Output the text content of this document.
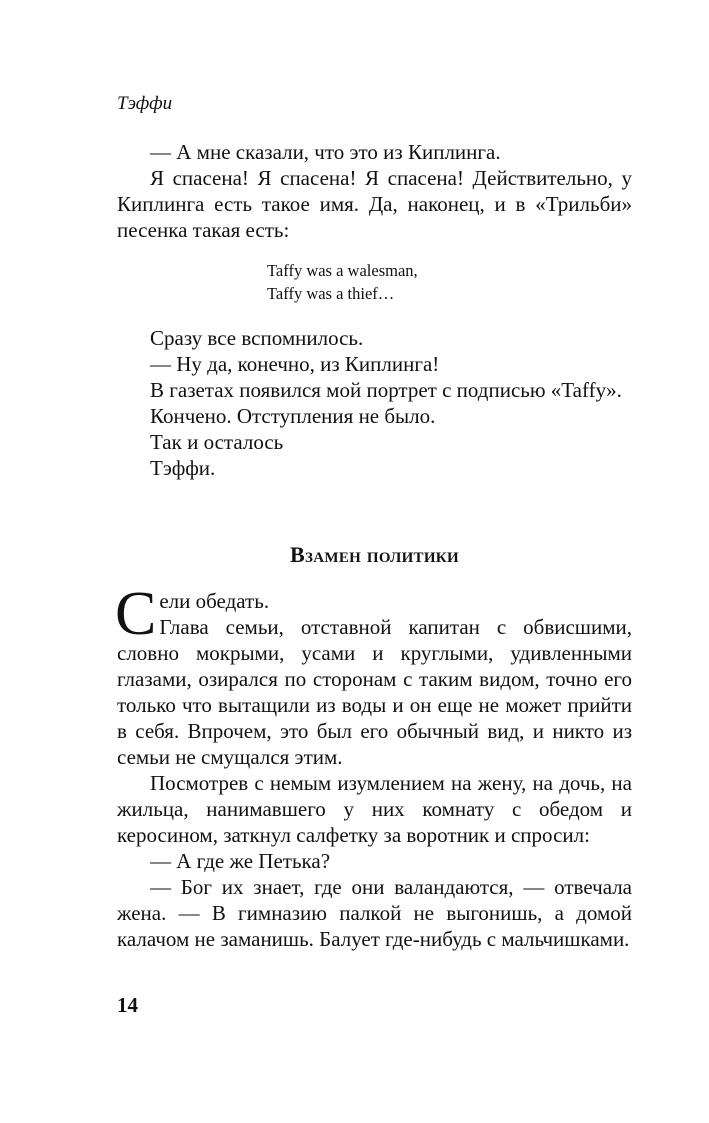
Тэффи

— А мне сказали, что это из Киплинга.

Я спасена! Я спасена! Я спасена! Действительно, у Киплинга есть такое имя. Да, наконец, и в «Трильби» песенка такая есть:

Taffy was a walesman,

Taffy was a thief…

Сразу все вспомнилось.

— Ну да, конечно, из Киплинга!

В газетах появился мой портрет с подписью «Taffy».

Кончено. Отступления не было.

Так и осталось

Тэффи.

Взамен политики
С ели обедать.

Глава семьи, отставной капитан с обвисшими, словно мокрыми, усами и круглыми, удивленными глазами, озирался по сторонам с таким видом, точно его только что вытащили из воды и он еще не может прийти в себя. Впрочем, это был его обычный вид, и никто из семьи не смущался этим.

Посмотрев с немым изумлением на жену, на дочь, на жильца, нанимавшего у них комнату с обедом и керосином, заткнул салфетку за воротник и спросил:

— А где же Петька?

— Бог их знает, где они валандаются, — отвечала жена. — В гимназию палкой не выгонишь, а домой калачом не заманишь. Балует где-нибудь с мальчишками.

14
